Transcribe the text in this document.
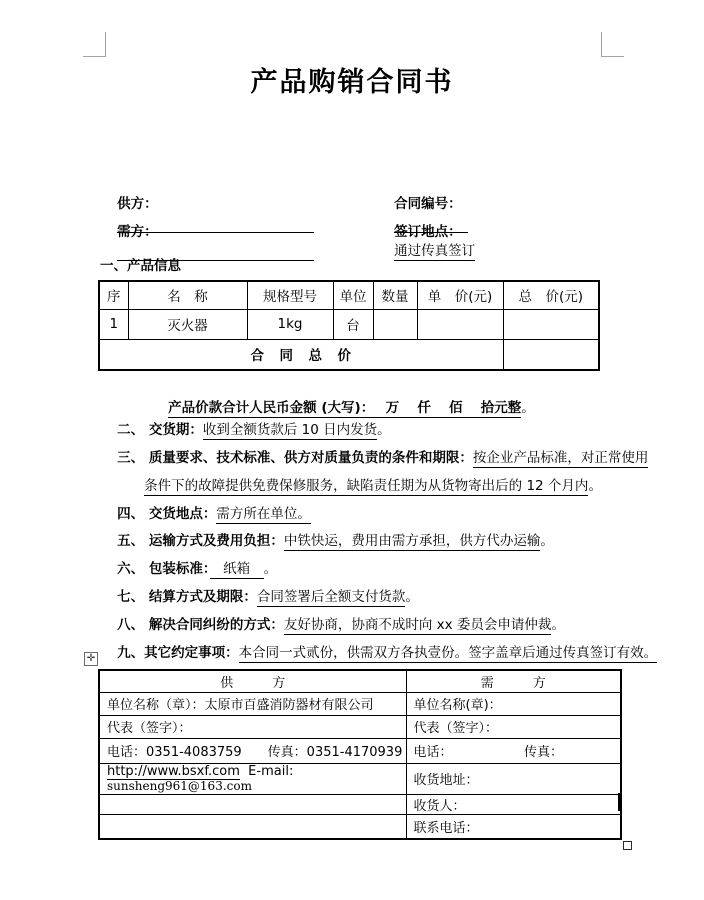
产品购销合同书

供方：

	合同编号：

需方：

	签订地点：
通过传真签订

一、产品信息
序	名　称	规格型号	单位	数量	单　价(元)	总　价(元)
1	灭火器	1kg	台			
合　同　总　价						

产品价款合计人民币金额 (大写)：　 万　 仟　 佰　 拾元整。

二、 交货期：收到全额货款后 10 日内发货。

三、 质量要求、技术标准、供方对质量负责的条件和期限：按企业产品标准，对正常使用

条件下的故障提供免费保修服务，缺陷责任期为从货物寄出后的 12 个月内。

四、 交货地点：需方所在单位。

五、 运输方式及费用负担：中铁快运，费用由需方承担，供方代办运输。

六、 包装标准：　纸箱　。

七、 结算方式及期限：合同签署后全额支付货款。

八、 解决合同纠纷的方式：友好协商，协商不成时向 xx 委员会申请仲裁。

九、其它约定事项：本合同一式贰份，供需双方各执壹份。签字盖章后通过传真签订有效。

✛
供　　　方	需　　　方
单位名称（章）：太原市百盛消防器材有限公司	单位名称(章)：
代表（签字）：	代表（签字）：
电话：0351-4083759　　传真：0351-4170939	电话：　　　　　　传真：
http://www.bsxf.com  E-mail: sunsheng961@163.com	收货地址：
	收货人：
	联系电话：
